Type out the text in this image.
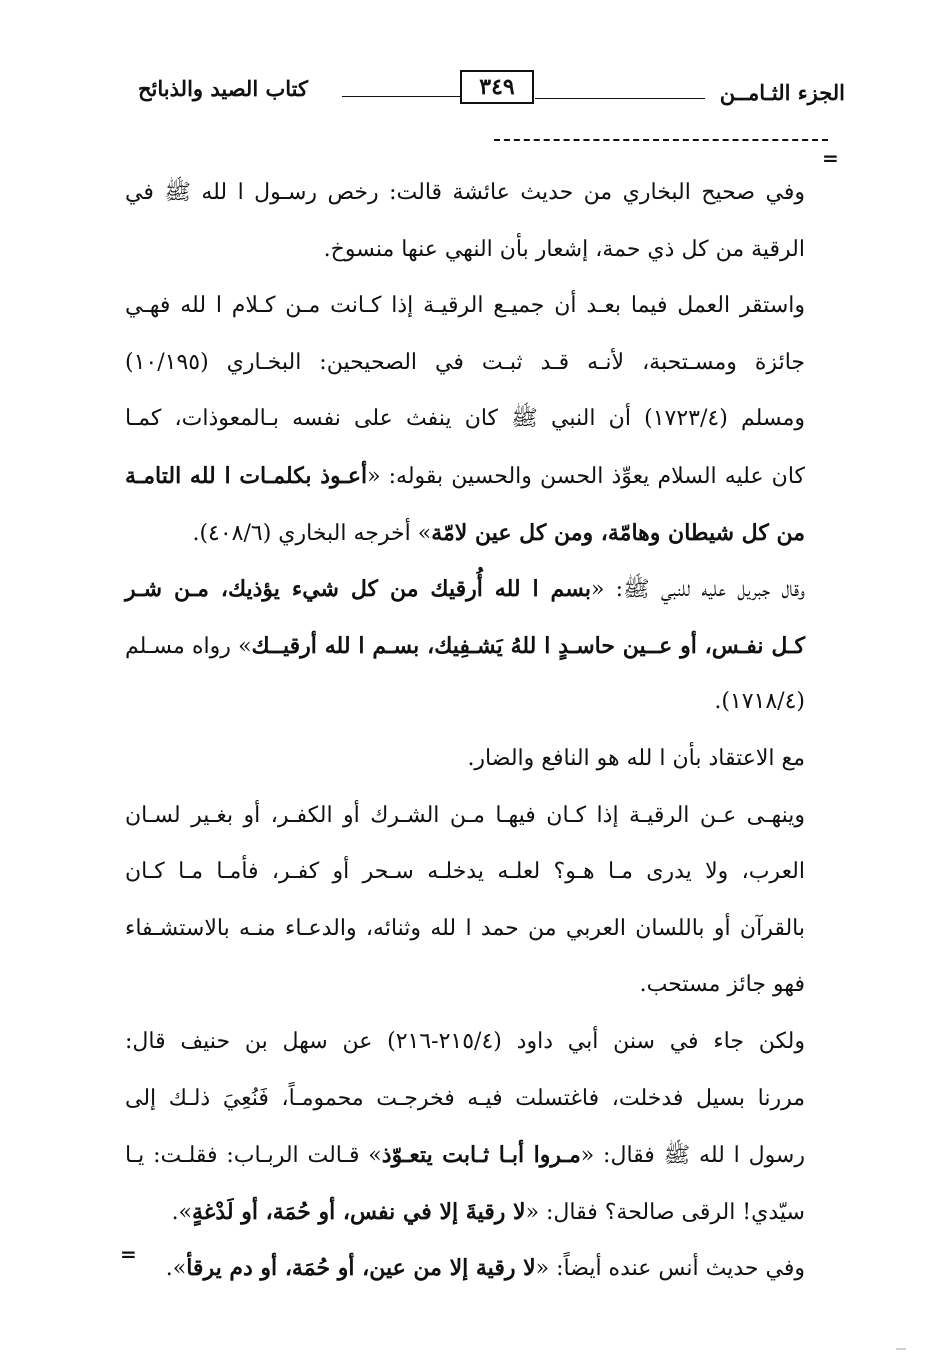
الجزء الثـامــن
٣٤٩
كتاب الصيد والذبائح
=
وفي صحيح البخاري من حديث عائشة قالت: رخص رسـول ا لله ﷺ في
الرقية من كل ذي حمة، إشعار بأن النهي عنها منسوخ.
واستقر العمل فيما بعـد أن جميـع الرقيـة إذا كـانت مـن كـلام ا لله فهـي
جائزة ومسـتحبة، لأنـه قـد ثبـت في الصحيحين: البخـاري (١٠/١٩٥)
ومسلم (١٧٢٣/٤) أن النبي ﷺ كان ينفث على نفسه بـالمعوذات، كمـا
كان عليه السلام يعوِّذ الحسن والحسين بقوله: «أعـوذ بكلمـات ا لله التامـة
من كل شيطان وهامّة، ومن كل عين لامّة» أخرجه البخاري (٤٠٨/٦).
وقال جبريل عليه للنبي ﷺ: «بسم ا لله أُرقيك من كل شيء يؤذيك، مـن شـر
كـل نفـس، أو عــين حاسـدٍ ا للهُ يَشـفِيك، بسـم ا لله أرقيــك» رواه مسـلم
(١٧١٨/٤).
مع الاعتقاد بأن ا لله هو النافع والضار.
وينهـى عـن الرقيـة إذا كـان فيهـا مـن الشـرك أو الكفـر، أو بغـير لسـان
العرب، ولا يدرى مـا هـو؟ لعلـه يدخلـه سـحر أو كفـر، فأمـا مـا كـان
بالقرآن أو باللسان العربي من حمد ا لله وثنائه، والدعـاء منـه بالاستشـفاء
فهو جائز مستحب.
ولكن جاء في سنن أبي داود (٢١٥/٤-٢١٦) عن سهل بن حنيف قال:
مررنا بسيل فدخلت، فاغتسلت فيـه فخرجـت محمومـاً، فَنُعِيَ ذلـك إلى
رسول ا لله ﷺ فقال: «مـروا أبـا ثـابت يتعـوّذ» قـالت الربـاب: فقلـت: يـا
سيّدي! الرقى صالحة؟ فقال: «لا رقيةَ إلا في نفس، أو حُمَة، أو لَدْغةٍ».
وفي حديث أنس عنده أيضاً: «لا رقية إلا من عين، أو حُمَة، أو دم يرقأ».
=
